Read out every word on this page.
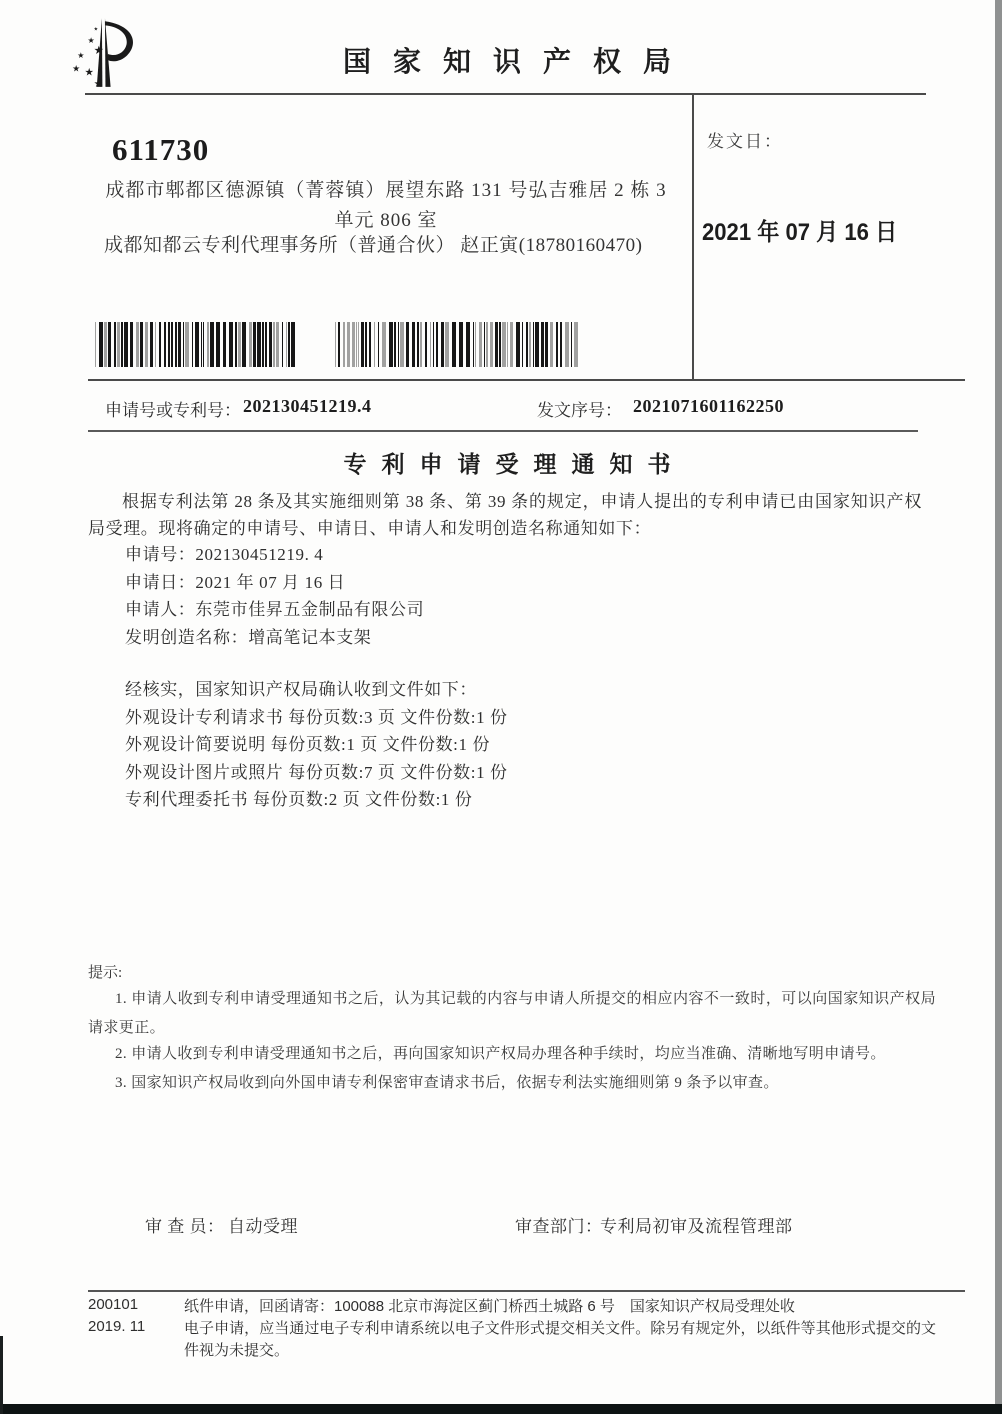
★
★
★
★
★ ★
★
国家知识产权局
611730
成都市郫都区德源镇（菁蓉镇）展望东路 131 号弘吉雅居 2 栋 3 单元 806 室
成都知都云专利代理事务所（普通合伙） 赵正寅(18780160470)
发文日：
2021 年 07 月 16 日
申请号或专利号： 202130451219.4	发文序号： 2021071601162250
专利申请受理通知书

根据专利法第 28 条及其实施细则第 38 条、第 39 条的规定，申请人提出的专利申请已由国家知识产权局受理。现将确定的申请号、申请日、申请人和发明创造名称通知如下：

申请号：202130451219. 4
申请日：2021 年 07 月 16 日
申请人：东莞市佳昇五金制品有限公司
发明创造名称：增高笔记本支架
经核实，国家知识产权局确认收到文件如下：
外观设计专利请求书 每份页数:3 页 文件份数:1 份
外观设计简要说明 每份页数:1 页 文件份数:1 份
外观设计图片或照片 每份页数:7 页 文件份数:1 份
专利代理委托书 每份页数:2 页 文件份数:1 份
提示:

1. 申请人收到专利申请受理通知书之后，认为其记载的内容与申请人所提交的相应内容不一致时，可以向国家知识产权局请求更正。

2. 申请人收到专利申请受理通知书之后，再向国家知识产权局办理各种手续时，均应当准确、清晰地写明申请号。

3. 国家知识产权局收到向外国申请专利保密审查请求书后，依据专利法实施细则第 9 条予以审查。

审 查 员： 自动受理	审查部门：
专利局初审及流程管理部
200101
2019. 11
纸件申请，回函请寄：100088 北京市海淀区蓟门桥西土城路 6 号　国家知识产权局受理处收
电子申请，应当通过电子专利申请系统以电子文件形式提交相关文件。除另有规定外，以纸件等其他形式提交的文件视为未提交。
